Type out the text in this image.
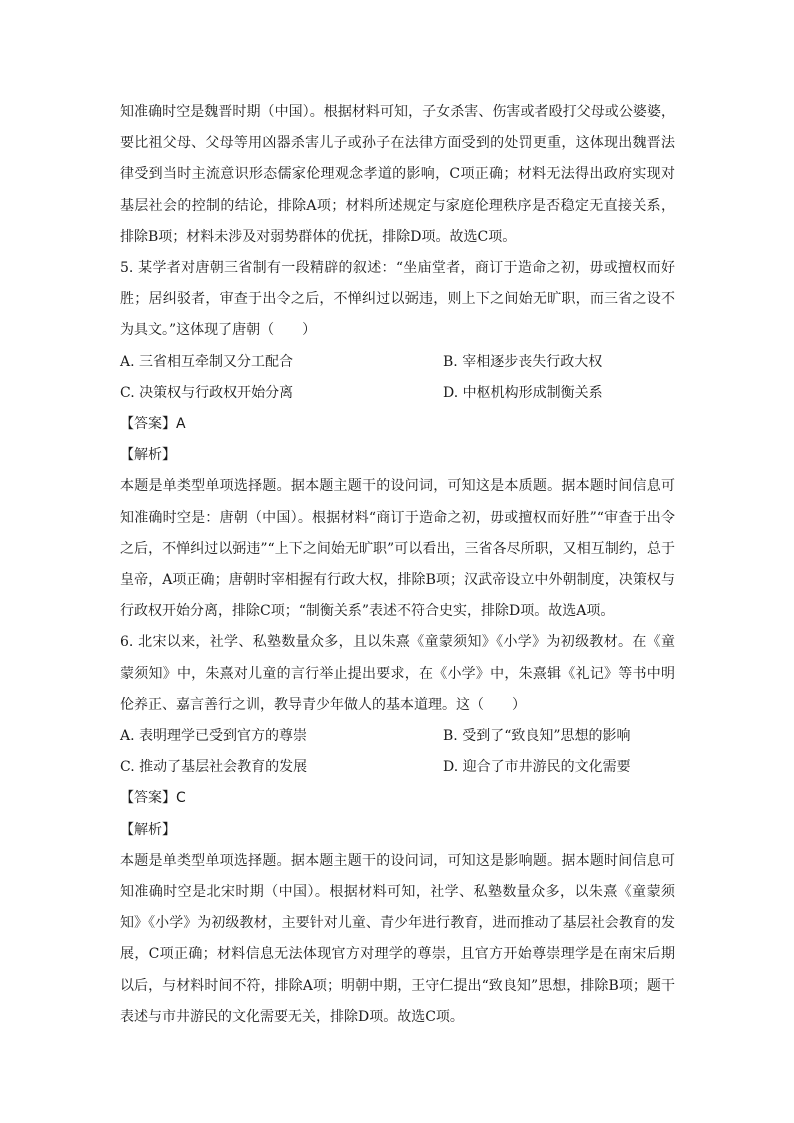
知准确时空是魏晋时期（中国）。根据材料可知，子女杀害、伤害或者殴打父母或公婆婆，要比祖父母、父母等用凶器杀害儿子或孙子在法律方面受到的处罚更重，这体现出魏晋法律受到当时主流意识形态儒家伦理观念孝道的影响，C项正确；材料无法得出政府实现对基层社会的控制的结论，排除A项；材料所述规定与家庭伦理秩序是否稳定无直接关系，排除B项；材料未涉及对弱势群体的优抚，排除D项。故选C项。
5. 某学者对唐朝三省制有一段精辟的叙述：“坐庙堂者，商订于造命之初，毋或擅权而好胜；居纠驳者，审查于出令之后，不惮纠过以弼违，则上下之间始无旷职，而三省之设不为具文。”这体现了唐朝（　　）
A. 三省相互牵制又分工配合	B. 宰相逐步丧失行政大权
C. 决策权与行政权开始分离	D. 中枢机构形成制衡关系
【答案】A
【解析】
本题是单类型单项选择题。据本题主题干的设问词，可知这是本质题。据本题时间信息可知准确时空是：唐朝（中国）。根据材料“商订于造命之初，毋或擅权而好胜”“审查于出令之后，不惮纠过以弼违”“上下之间始无旷职”可以看出，三省各尽所职，又相互制约，总于皇帝，A项正确；唐朝时宰相握有行政大权，排除B项；汉武帝设立中外朝制度，决策权与行政权开始分离，排除C项；“制衡关系”表述不符合史实，排除D项。故选A项。
6. 北宋以来，社学、私塾数量众多，且以朱熹《童蒙须知》《小学》为初级教材。在《童蒙须知》中，朱熹对儿童的言行举止提出要求，在《小学》中，朱熹辑《礼记》等书中明伦养正、嘉言善行之训，教导青少年做人的基本道理。这（　　）
A. 表明理学已受到官方的尊崇	B. 受到了“致良知”思想的影响
C. 推动了基层社会教育的发展	D. 迎合了市井游民的文化需要
【答案】C
【解析】
本题是单类型单项选择题。据本题主题干的设问词，可知这是影响题。据本题时间信息可知准确时空是北宋时期（中国）。根据材料可知，社学、私塾数量众多，以朱熹《童蒙须知》《小学》为初级教材，主要针对儿童、青少年进行教育，进而推动了基层社会教育的发展，C项正确；材料信息无法体现官方对理学的尊崇，且官方开始尊崇理学是在南宋后期以后，与材料时间不符，排除A项；明朝中期，王守仁提出“致良知”思想，排除B项；题干表述与市井游民的文化需要无关，排除D项。故选C项。
